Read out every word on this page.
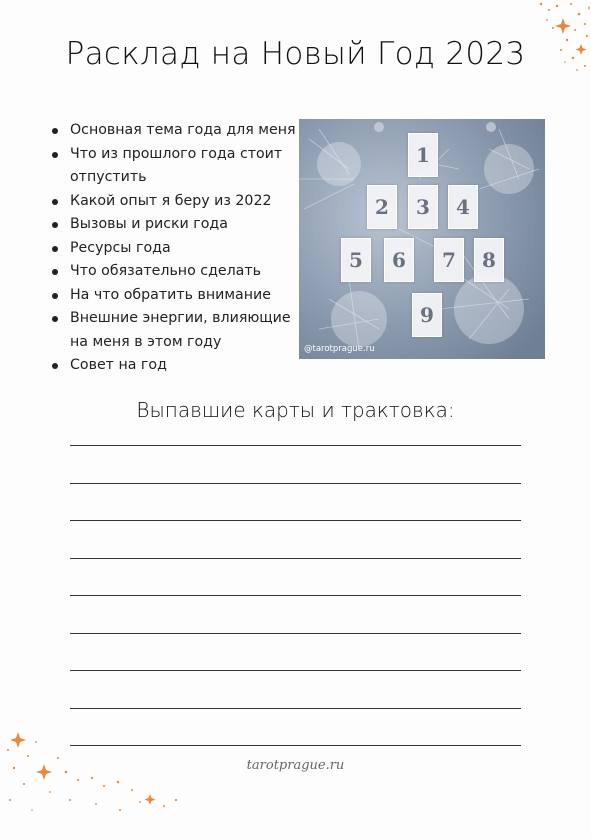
Расклад на Новый Год 2023
Основная тема года для меня
Что из прошлого года стоит отпустить
Какой опыт я беру из 2022
Вызовы и риски года
Ресурсы года
Что обязательно сделать
На что обратить внимание
Внешние энергии, влияющие на меня в этом году
Совет на год
1
2	3	4
5	6	7	8
9
@tarotprague.ru
Выпавшие карты и трактовка:
tarotprague.ru
